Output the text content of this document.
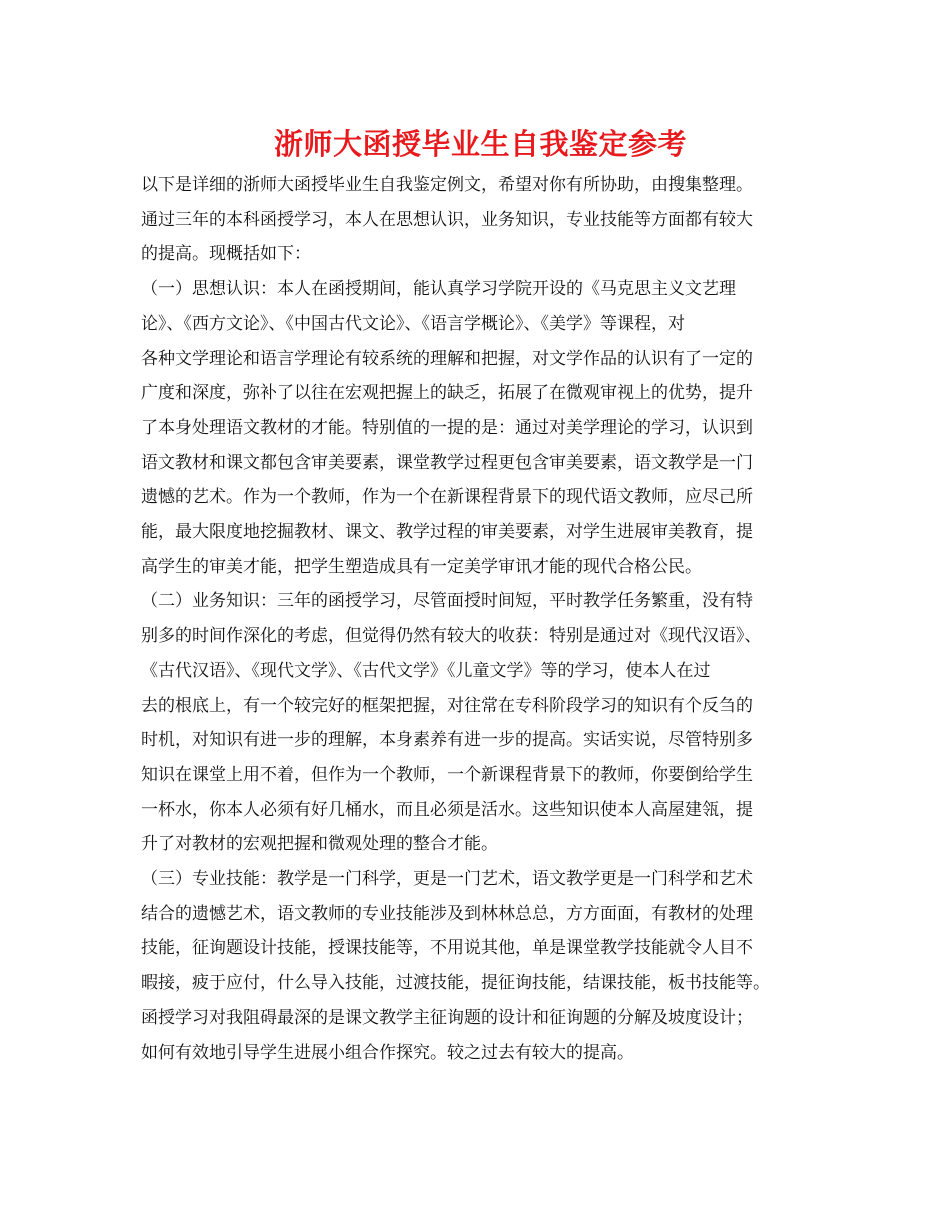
浙师大函授毕业生自我鉴定参考

以下是详细的浙师大函授毕业生自我鉴定例文，希望对你有所协助，由搜集整理。

通过三年的本科函授学习，本人在思想认识，业务知识，专业技能等方面都有较大

的提高。现概括如下：

（一）思想认识：本人在函授期间，能认真学习学院开设的《马克思主义文艺理

论》、《西方文论》、《中国古代文论》、《语言学概论》、《美学》等课程，对

各种文学理论和语言学理论有较系统的理解和把握，对文学作品的认识有了一定的

广度和深度，弥补了以往在宏观把握上的缺乏，拓展了在微观审视上的优势，提升

了本身处理语文教材的才能。特别值的一提的是：通过对美学理论的学习，认识到

语文教材和课文都包含审美要素，课堂教学过程更包含审美要素，语文教学是一门

遗憾的艺术。作为一个教师，作为一个在新课程背景下的现代语文教师，应尽己所

能，最大限度地挖掘教材、课文、教学过程的审美要素，对学生进展审美教育，提

高学生的审美才能，把学生塑造成具有一定美学审讯才能的现代合格公民。

（二）业务知识：三年的函授学习，尽管面授时间短，平时教学任务繁重，没有特

别多的时间作深化的考虑，但觉得仍然有较大的收获：特别是通过对《现代汉语》、

《古代汉语》、《现代文学》、《古代文学》《儿童文学》等的学习，使本人在过

去的根底上，有一个较完好的框架把握，对往常在专科阶段学习的知识有个反刍的

时机，对知识有进一步的理解，本身素养有进一步的提高。实话实说，尽管特别多

知识在课堂上用不着，但作为一个教师，一个新课程背景下的教师，你要倒给学生

一杯水，你本人必须有好几桶水，而且必须是活水。这些知识使本人高屋建瓴，提

升了对教材的宏观把握和微观处理的整合才能。

（三）专业技能：教学是一门科学，更是一门艺术，语文教学更是一门科学和艺术

结合的遗憾艺术，语文教师的专业技能涉及到林林总总，方方面面，有教材的处理

技能，征询题设计技能，授课技能等，不用说其他，单是课堂教学技能就令人目不

暇接，疲于应付，什么导入技能，过渡技能，提征询技能，结课技能，板书技能等。

函授学习对我阻碍最深的是课文教学主征询题的设计和征询题的分解及坡度设计；

如何有效地引导学生进展小组合作探究。较之过去有较大的提高。
